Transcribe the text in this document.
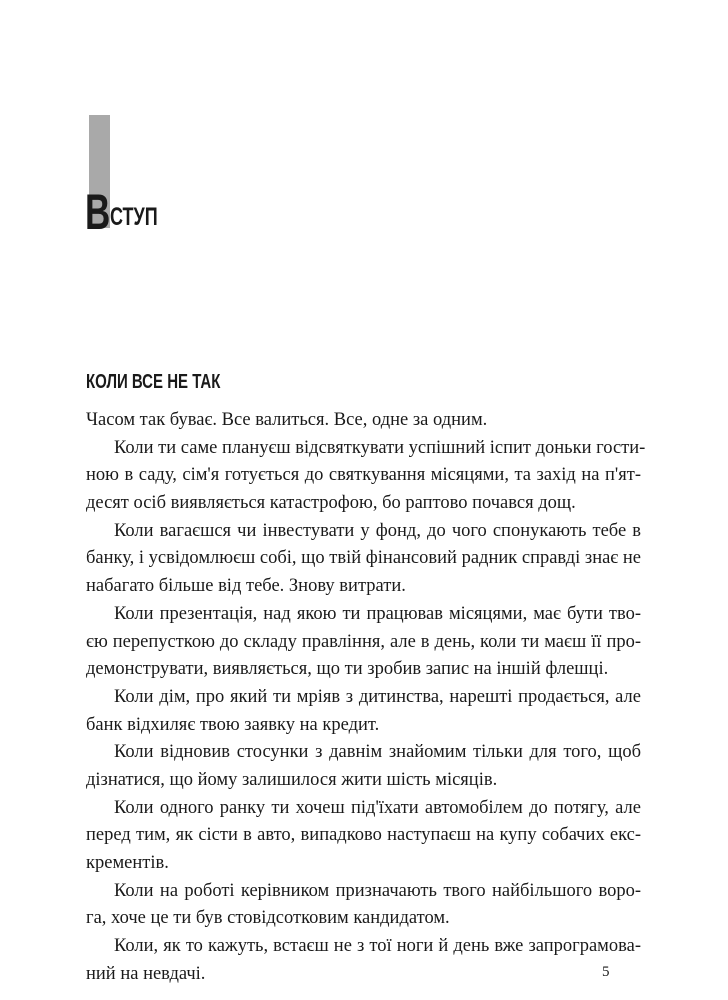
В СТУП
КОЛИ ВСЕ НЕ ТАК
Часом так буває. Все валиться. Все, одне за одним.
Коли ти саме плануєш відсвяткувати успішний іспит доньки гости-
ною в саду, сім'я готується до святкування місяцями, та захід на п'ят-
десят осіб виявляється катастрофою, бо раптово почався дощ.
Коли вагаєшся чи інвестувати у фонд, до чого спонукають тебе в
банку, і усвідомлюєш собі, що твій фінансовий радник справді знає не
набагато більше від тебе. Знову витрати.
Коли презентація, над якою ти працював місяцями, має бути тво-
єю перепусткою до складу правління, але в день, коли ти маєш її про-
демонструвати, виявляється, що ти зробив запис на іншій флешці.
Коли дім, про який ти мріяв з дитинства, нарешті продається, але
банк відхиляє твою заявку на кредит.
Коли відновив стосунки з давнім знайомим тільки для того, щоб
дізнатися, що йому залишилося жити шість місяців.
Коли одного ранку ти хочеш під'їхати автомобілем до потягу, але
перед тим, як сісти в авто, випадково наступаєш на купу собачих екс-
крементів.
Коли на роботі керівником призначають твого найбільшого воро-
га, хоче це ти був стовідсотковим кандидатом.
Коли, як то кажуть, встаєш не з тої ноги й день вже запрограмова-
ний на невдачі.	5
